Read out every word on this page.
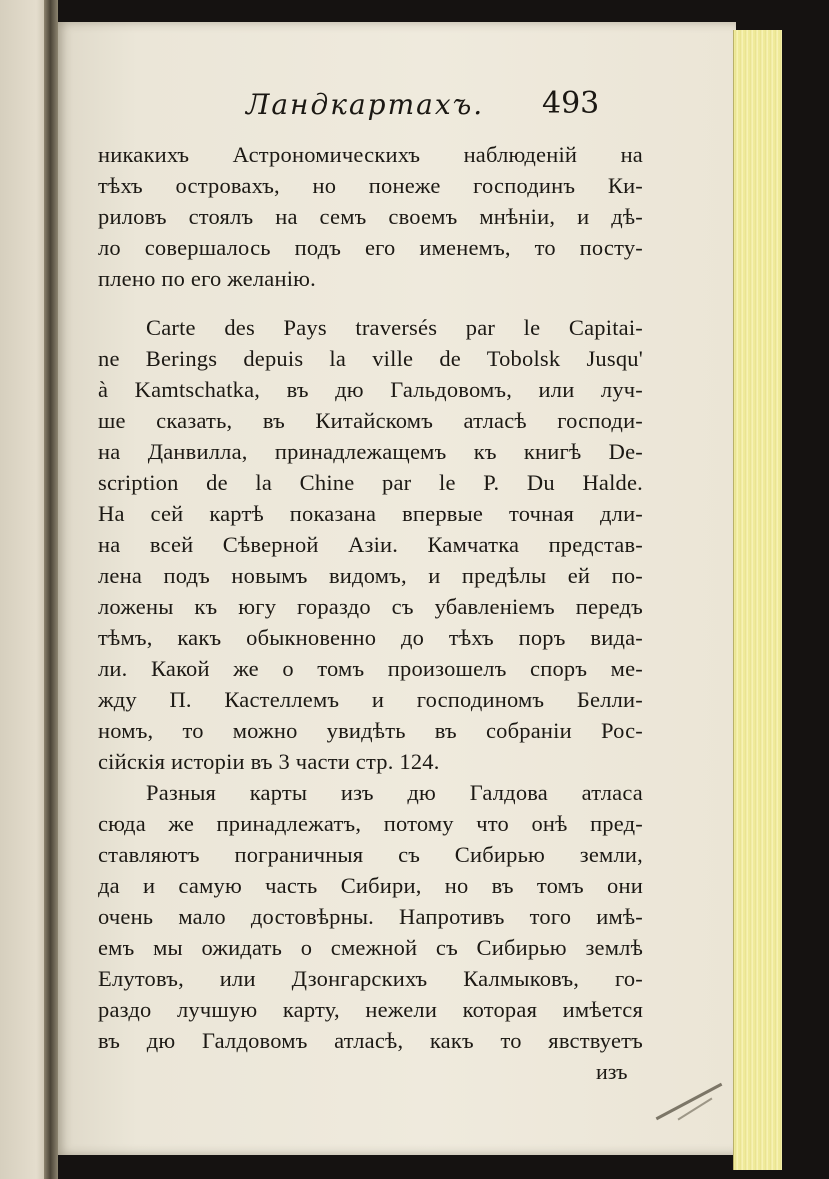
Ландкартахъ. 493
никакихъ Астрономическихъ наблюденій на
тѣхъ островахъ, но понеже господинъ Ки-
риловъ стоялъ на семъ своемъ мнѣніи, и дѣ-
ло совершалось подъ его именемъ, то посту-
плено по его желанію.
Carte des Pays traversés par le Capitai-
ne Berings depuis la ville de Tobolsk Jusqu'
à Kamtschatka, въ дю Гальдовомъ, или луч-
ше сказать, въ Китайскомъ атласѣ господи-
на Данвилла, принадлежащемъ къ книгѣ De-
scription de la Chine par le P. Du Halde.
На сей картѣ показана впервые точная дли-
на всей Сѣверной Азіи. Камчатка представ-
лена подъ новымъ видомъ, и предѣлы ей по-
ложены къ югу гораздо съ убавленіемъ передъ
тѣмъ, какъ обыкновенно до тѣхъ поръ вида-
ли. Какой же о томъ произошелъ споръ ме-
жду П. Кастеллемъ и господиномъ Белли-
номъ, то можно увидѣть въ собраніи Рос-
сійскія исторіи въ 3 части стр. 124.
Разныя карты изъ дю Галдова атласа
сюда же принадлежатъ, потому что онѣ пред-
ставляютъ пограничныя съ Сибирью земли,
да и самую часть Сибири, но въ томъ они
очень мало достовѣрны. Напротивъ того имѣ-
емъ мы ожидать о смежной съ Сибирью землѣ
Елутовъ, или Дзонгарскихъ Калмыковъ, го-
раздо лучшую карту, нежели которая имѣется
въ дю Галдовомъ атласѣ, какъ то явствуетъ
изъ
